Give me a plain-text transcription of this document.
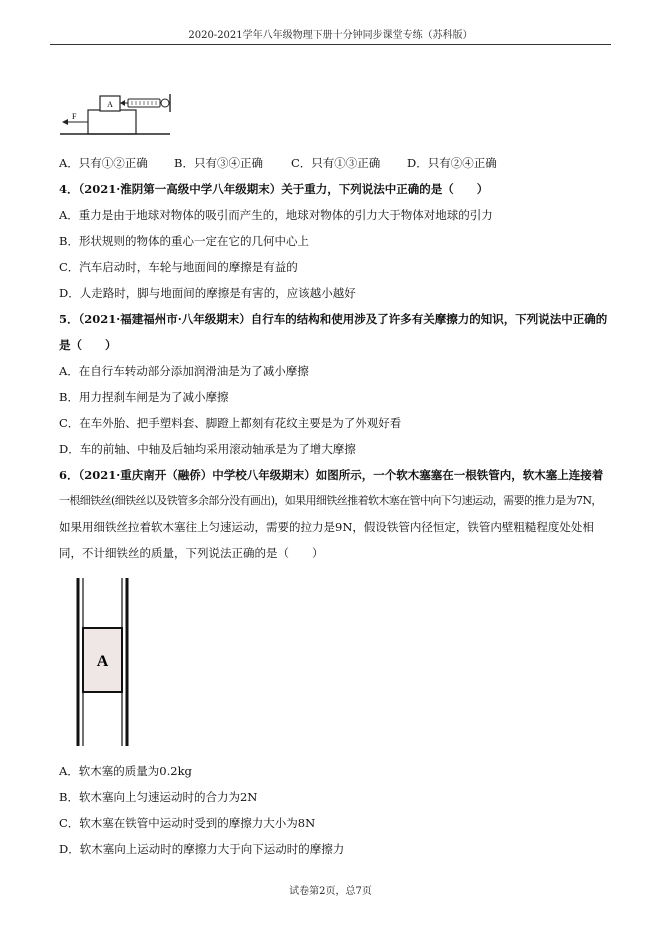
2020-2021学年八年级物理下册十分钟同步课堂专练（苏科版）
A
F
A．只有①②正确 B．只有③④正确 C．只有①③正确 D．只有②④正确
4．（2021·淮阴第一高级中学八年级期末）关于重力，下列说法中正确的是（　　）
A．重力是由于地球对物体的吸引而产生的，地球对物体的引力大于物体对地球的引力
B．形状规则的物体的重心一定在它的几何中心上
C．汽车启动时，车轮与地面间的摩擦是有益的
D．人走路时，脚与地面间的摩擦是有害的，应该越小越好
5．（2021·福建福州市·八年级期末）自行车的结构和使用涉及了许多有关摩擦力的知识，下列说法中正确的
是（　　）
A．在自行车转动部分添加润滑油是为了减小摩擦
B．用力捏刹车闸是为了减小摩擦
C．在车外胎、把手塑料套、脚蹬上都刻有花纹主要是为了外观好看
D．车的前轴、中轴及后轴均采用滚动轴承是为了增大摩擦
6．（2021·重庆南开（融侨）中学校八年级期末）如图所示，一个软木塞塞在一根铁管内，软木塞上连接着
一根细铁丝(细铁丝以及铁管多余部分没有画出)，如果用细铁丝推着软木塞在管中向下匀速运动，需要的推力是为7N，
如果用细铁丝拉着软木塞往上匀速运动，需要的拉力是9N，假设铁管内径恒定，铁管内壁粗糙程度处处相
同，不计细铁丝的质量，下列说法正确的是（　　）
A
A．软木塞的质量为0.2kg
B．软木塞向上匀速运动时的合力为2N
C．软木塞在铁管中运动时受到的摩擦力大小为8N
D．软木塞向上运动时的摩擦力大于向下运动时的摩擦力
试卷第2页，总7页
